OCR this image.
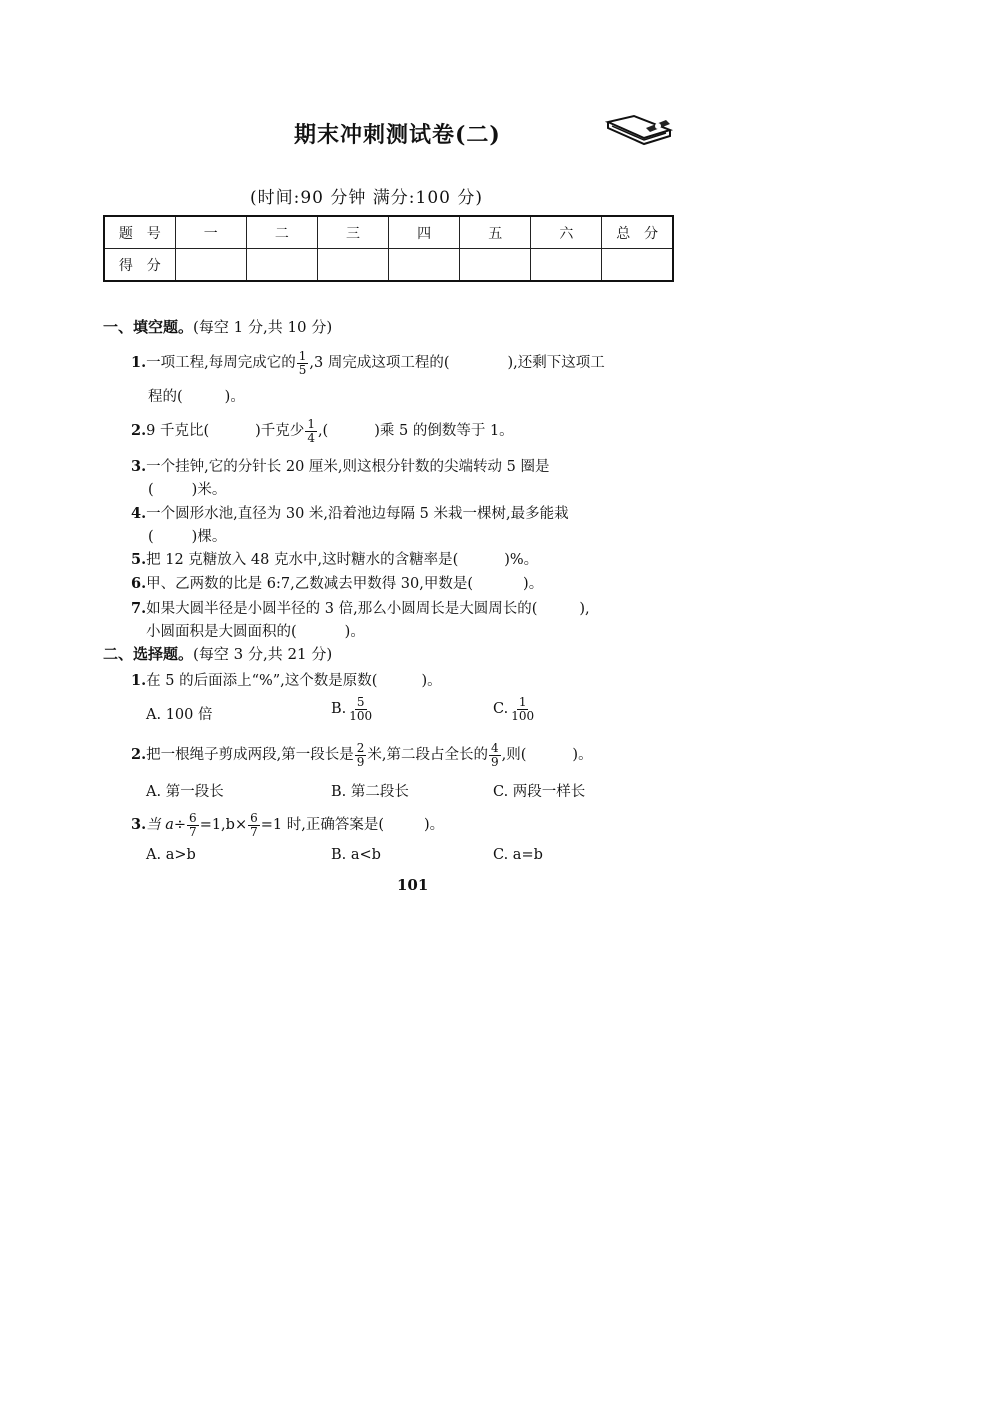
期末冲刺测试卷(二)
(时间:90 分钟 满分:100 分)
题　号	一	二	三	四	五	六	总　分
得　分							
一、填空题。(每空 1 分,共 10 分)
1.一项工程,每周完成它的 $\frac{1}{5} ,3$ 周完成这项工程的(	),还剩下这项工
程的(	)。
2.9 千克比(	)千克少 $\frac{1}{4}$ ,(	)乘 5 的倒数等于 1。
3.一个挂钟,它的分针长 20 厘米,则这根分针数的尖端转动 5 圈是
(	)米。
4.一个圆形水池,直径为 30 米,沿着池边每隔 5 米栽一棵树,最多能栽
(	)棵。
5.把 12 克糖放入 48 克水中,这时糖水的含糖率是(	)%。
6.甲、乙两数的比是 6:7,乙数减去甲数得 30,甲数是(	)。
7.如果大圆半径是小圆半径的 3 倍,那么小圆周长是大圆周长的(	),
小圆面积是大圆面积的(	)。
二、选择题。(每空 3 分,共 21 分)
1.在 5 的后面添上“%”,这个数是原数(	)。
A. 100 倍	B. $\frac{5}{100}$	C. $\frac{1}{100}$
2.把一根绳子剪成两段,第一段长是 $\frac{2}{9}$ 米,第二段占全长的 $\frac{4}{9}$ ,则(	)。
A. 第一段长	B. 第二段长	C. 两段一样长
3.当 $a\div \frac{6}{7} =1,b\times \frac{6}{7} =1$ 时,正确答案是(	)。
A. a>b	B. a<b	C. a=b
101
